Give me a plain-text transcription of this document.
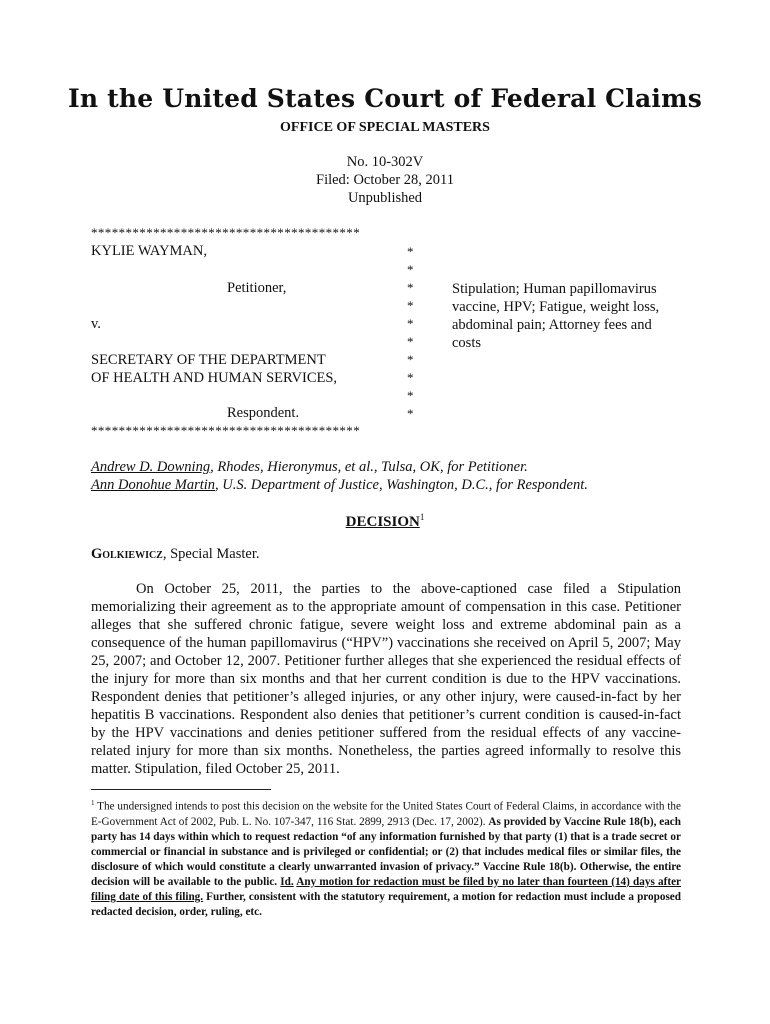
In the United States Court of Federal Claims
OFFICE OF SPECIAL MASTERS
No. 10-302V
Filed: October 28, 2011
Unpublished
***************************************
KYLIE WAYMAN,
Petitioner,
v.
SECRETARY OF THE DEPARTMENT
OF HEALTH AND HUMAN SERVICES,
Respondent.
*
*
*
*
*
*
*
*
*
*
Stipulation; Human papillomavirus
vaccine, HPV; Fatigue, weight loss,
abdominal pain; Attorney fees and
costs
***************************************
Andrew D. Downing, Rhodes, Hieronymus, et al., Tulsa, OK, for Petitioner.
Ann Donohue Martin, U.S. Department of Justice, Washington, D.C., for Respondent.
DECISION$^1$
Golkiewicz, Special Master.
On October 25, 2011, the parties to the above-captioned case filed a Stipulation memorializing their agreement as to the appropriate amount of compensation in this case. Petitioner alleges that she suffered chronic fatigue, severe weight loss and extreme abdominal pain as a consequence of the human papillomavirus (“HPV”) vaccinations she received on April 5, 2007; May 25, 2007; and October 12, 2007. Petitioner further alleges that she experienced the residual effects of the injury for more than six months and that her current condition is due to the HPV vaccinations. Respondent denies that petitioner’s alleged injuries, or any other injury, were caused-in-fact by her hepatitis B vaccinations. Respondent also denies that petitioner’s current condition is caused-in-fact by the HPV vaccinations and denies petitioner suffered from the residual effects of any vaccine-related injury for more than six months. Nonetheless, the parties agreed informally to resolve this matter. Stipulation, filed October 25, 2011.
$^1$ The undersigned intends to post this decision on the website for the United States Court of Federal Claims, in accordance with the E-Government Act of 2002, Pub. L. No. 107-347, 116 Stat. 2899, 2913 (Dec. 17, 2002). As provided by Vaccine Rule 18(b), each party has 14 days within which to request redaction “of any information furnished by that party (1) that is a trade secret or commercial or financial in substance and is privileged or confidential; or (2) that includes medical files or similar files, the disclosure of which would constitute a clearly unwarranted invasion of privacy.” Vaccine Rule 18(b). Otherwise, the entire decision will be available to the public. Id. Any motion for redaction must be filed by no later than fourteen (14) days after filing date of this filing. Further, consistent with the statutory requirement, a motion for redaction must include a proposed redacted decision, order, ruling, etc.
